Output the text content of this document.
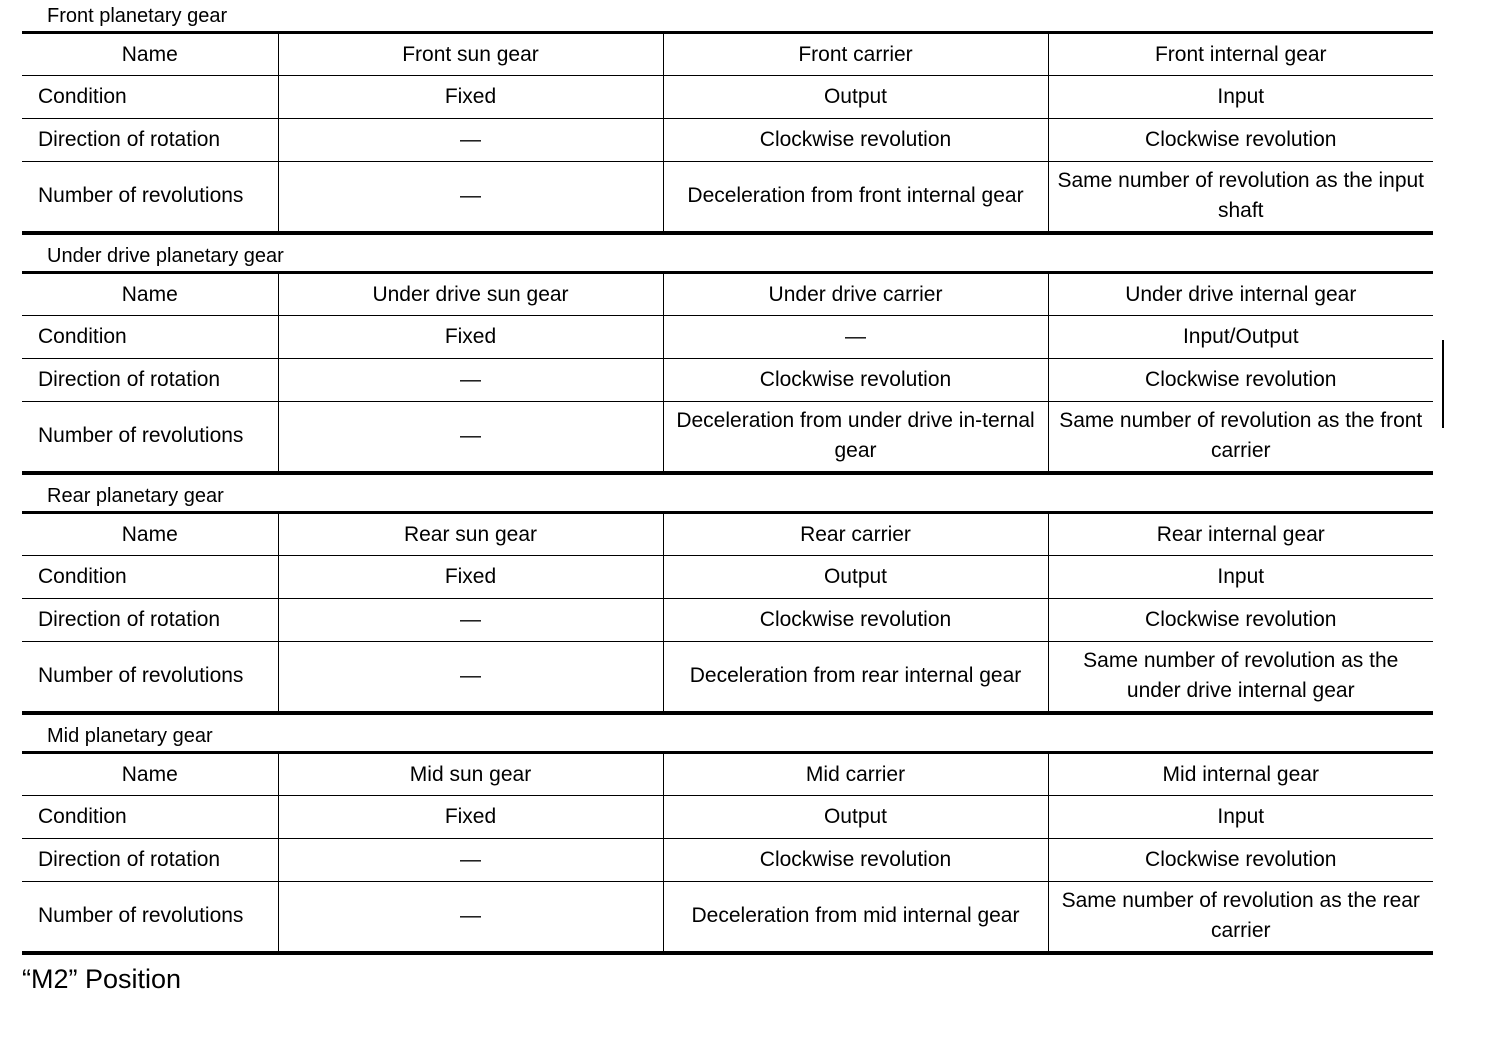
Front planetary gear
Name	Front sun gear	Front carrier	Front internal gear
Condition	Fixed	Output	Input
Direction of rotation	—	Clockwise revolution	Clockwise revolution
Number of revolutions	—	Deceleration from front internal gear	Same number of revolution as the input shaft
Under drive planetary gear
Name	Under drive sun gear	Under drive carrier	Under drive internal gear
Condition	Fixed	—	Input/Output
Direction of rotation	—	Clockwise revolution	Clockwise revolution
Number of revolutions	—	Deceleration from under drive in-ternal gear	Same number of revolution as the front carrier
Rear planetary gear
Name	Rear sun gear	Rear carrier	Rear internal gear
Condition	Fixed	Output	Input
Direction of rotation	—	Clockwise revolution	Clockwise revolution
Number of revolutions	—	Deceleration from rear internal gear	Same number of revolution as the under drive internal gear
Mid planetary gear
Name	Mid sun gear	Mid carrier	Mid internal gear
Condition	Fixed	Output	Input
Direction of rotation	—	Clockwise revolution	Clockwise revolution
Number of revolutions	—	Deceleration from mid internal gear	Same number of revolution as the rear carrier
“M2” Position
